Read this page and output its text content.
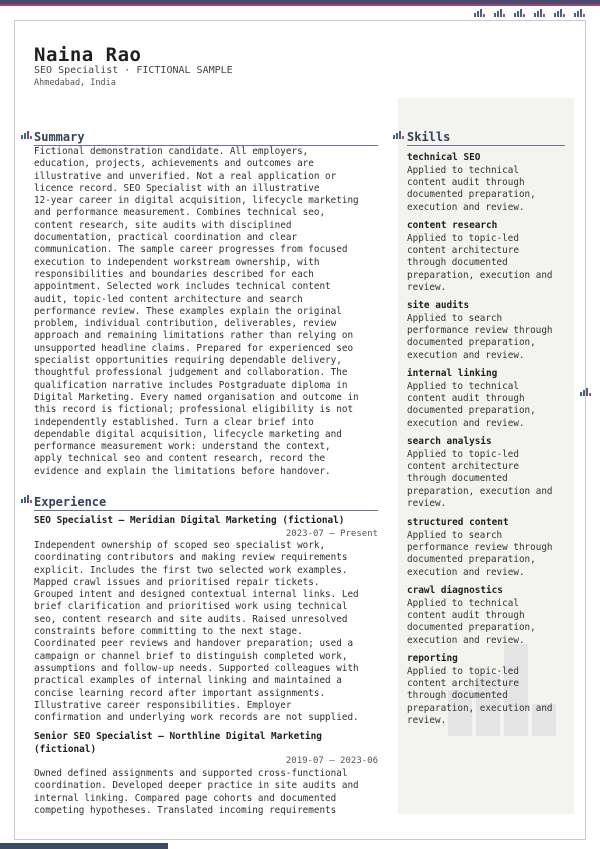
Naina Rao
SEO Specialist · FICTIONAL SAMPLE
Ahmedabad, India
Summary
Fictional demonstration candidate. All employers,
education, projects, achievements and outcomes are
illustrative and unverified. Not a real application or
licence record. SEO Specialist with an illustrative
12-year career in digital acquisition, lifecycle marketing
and performance measurement. Combines technical seo,
content research, site audits with disciplined
documentation, practical coordination and clear
communication. The sample career progresses from focused
execution to independent workstream ownership, with
responsibilities and boundaries described for each
appointment. Selected work includes technical content
audit, topic-led content architecture and search
performance review. These examples explain the original
problem, individual contribution, deliverables, review
approach and remaining limitations rather than relying on
unsupported headline claims. Prepared for experienced seo
specialist opportunities requiring dependable delivery,
thoughtful professional judgement and collaboration. The
qualification narrative includes Postgraduate diploma in
Digital Marketing. Every named organisation and outcome in
this record is fictional; professional eligibility is not
independently established. Turn a clear brief into
dependable digital acquisition, lifecycle marketing and
performance measurement work: understand the context,
apply technical seo and content research, record the
evidence and explain the limitations before handover.
Experience
SEO Specialist — Meridian Digital Marketing (fictional)
2023-07 – Present
Independent ownership of scoped seo specialist work,
coordinating contributors and making review requirements
explicit. Includes the first two selected work examples.
Mapped crawl issues and prioritised repair tickets.
Grouped intent and designed contextual internal links. Led
brief clarification and prioritised work using technical
seo, content research and site audits. Raised unresolved
constraints before committing to the next stage.
Coordinated peer reviews and handover preparation; used a
campaign or channel brief to distinguish completed work,
assumptions and follow-up needs. Supported colleagues with
practical examples of internal linking and maintained a
concise learning record after important assignments.
Illustrative career responsibilities. Employer
confirmation and underlying work records are not supplied.
Senior SEO Specialist — Northline Digital Marketing
(fictional)
2019-07 – 2023-06
Owned defined assignments and supported cross-functional
coordination. Developed deeper practice in site audits and
internal linking. Compared page cohorts and documented
competing hypotheses. Translated incoming requirements
Skills
technical SEO
Applied to technical
content audit through
documented preparation,
execution and review.
content research
Applied to topic-led
content architecture
through documented
preparation, execution and
review.
site audits
Applied to search
performance review through
documented preparation,
execution and review.
internal linking
Applied to technical
content audit through
documented preparation,
execution and review.
search analysis
Applied to topic-led
content architecture
through documented
preparation, execution and
review.
structured content
Applied to search
performance review through
documented preparation,
execution and review.
crawl diagnostics
Applied to technical
content audit through
documented preparation,
execution and review.
reporting
Applied to topic-led
content architecture
through documented
preparation, execution and
review.
